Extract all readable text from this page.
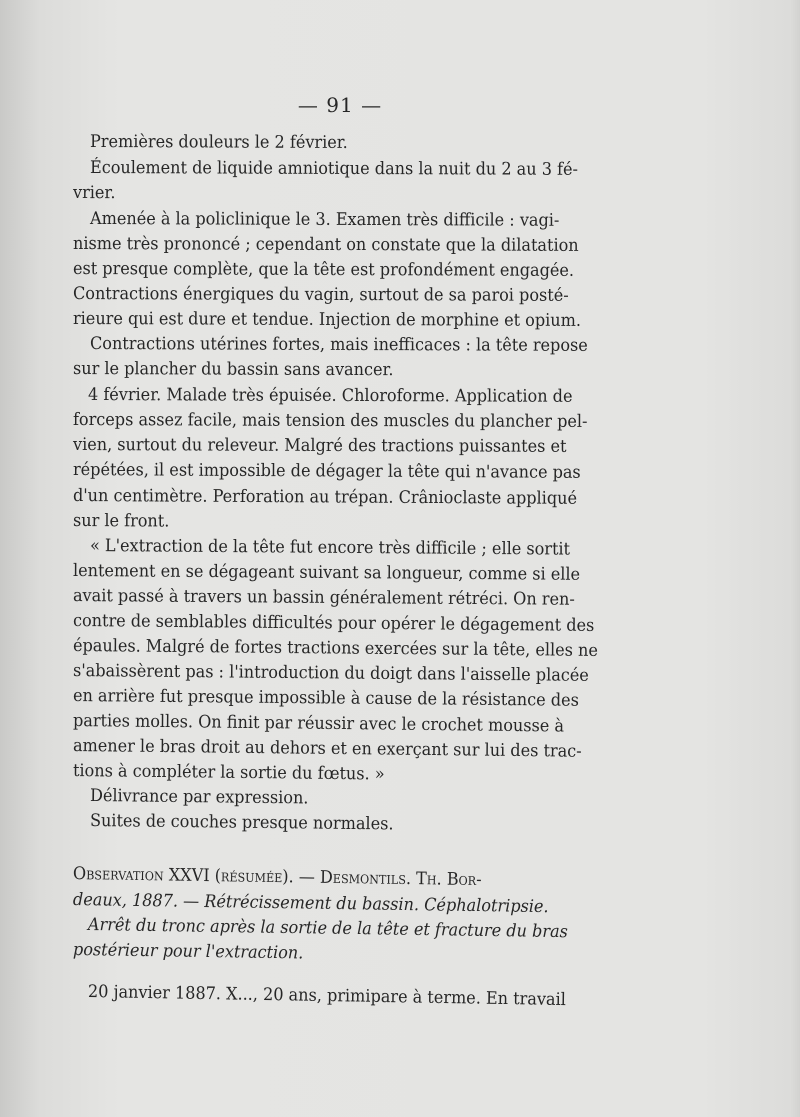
— 91 —
Premières douleurs le 2 février.
Écoulement de liquide amniotique dans la nuit du 2 au 3 fé-
vrier.
Amenée à la policlinique le 3. Examen très difficile : vagi-
nisme très prononcé ; cependant on constate que la dilatation
est presque complète, que la tête est profondément engagée.
Contractions énergiques du vagin, surtout de sa paroi posté-
rieure qui est dure et tendue. Injection de morphine et opium.
Contractions utérines fortes, mais inefficaces : la tête repose
sur le plancher du bassin sans avancer.
4 février. Malade très épuisée. Chloroforme. Application de
forceps assez facile, mais tension des muscles du plancher pel-
vien, surtout du releveur. Malgré des tractions puissantes et
répétées, il est impossible de dégager la tête qui n'avance pas
d'un centimètre. Perforation au trépan. Crânioclaste appliqué
sur le front.
« L'extraction de la tête fut encore très difficile ; elle sortit
lentement en se dégageant suivant sa longueur, comme si elle
avait passé à travers un bassin généralement rétréci. On ren-
contre de semblables difficultés pour opérer le dégagement des
épaules. Malgré de fortes tractions exercées sur la tête, elles ne
s'abaissèrent pas : l'introduction du doigt dans l'aisselle placée
en arrière fut presque impossible à cause de la résistance des
parties molles. On finit par réussir avec le crochet mousse à
amener le bras droit au dehors et en exerçant sur lui des trac-
tions à compléter la sortie du fœtus. »
Délivrance par expression.
Suites de couches presque normales.
Observation XXVI (résumée). — Desmontils. Th. Bor-
deaux, 1887. — Rétrécissement du bassin. Céphalotripsie.
Arrêt du tronc après la sortie de la tête et fracture du bras
postérieur pour l'extraction.
20 janvier 1887. X..., 20 ans, primipare à terme. En travail
